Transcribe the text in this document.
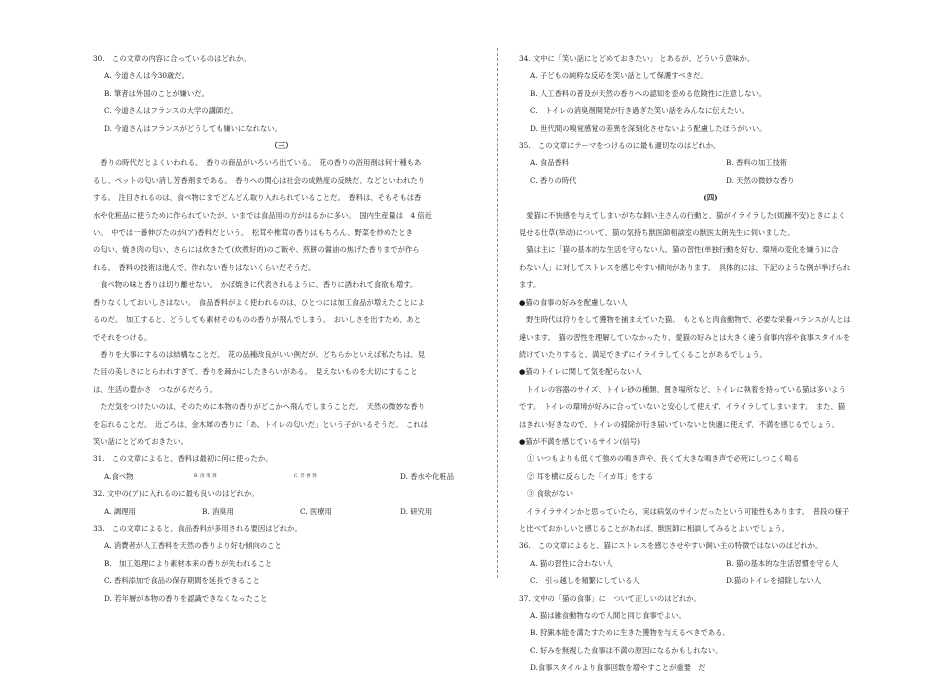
30.　この文章の内容に合っているのはどれか。
A. 今道さんは今30歳だ。
B. 筆者は外国のことが嫌いだ。
C. 今道さんはフランスの大学の講師だ。
D. 今道さんはフランスがどうしても嫌いになれない。
（三）
　香りの時代だとよくいわれる。　香りの商品がいろいろ出ている。　花の香りの浴用剤は何十種もあ
るし、ペットの匂い消し芳香剤まである。　香りへの関心は社会の成熟度の反映だ、などといわれたり
する。　注目されるのは、食べ物にまでどんどん取り入れられていることだ。　香料は、そもそもは香
水や化粧品に使うために作られていたが、いまでは食品用の方がはるかに多い。　国内生産量は　4 倍近
い。　中では一番伸びたのが(ア)香料だという。　松茸や椎茸の香りはもちろん、野菜を炒めたとき
の匂い、焼き肉の匂い、さらには炊きたて(炊煮好的)のご飯や、煎餅の醤油の焦げた香りまでが作ら
れる。　香料の技術は進んで、作れない香りはないくらいだそうだ。
　食べ物の味と香りは切り離せない。　かば焼きに代表されるように、香りに誘われて食欲も増す。
香りなくしておいしさはない。　食品香料がよく使われるのは、ひとつには加工食品が増えたことによ
るのだ。　加工すると、どうしても素材そのものの香りが飛んでしまう。　おいしさを出すため、あと
でそれをつける。
　香りを大事にするのは結構なことだ。　花の品種改良がいい例だが、どちらかといえば私たちは、見
た目の美しさにとらわれすぎて、香りを疎かにしたきらいがある。　見えないものを大切にすること
は、生活の豊かさ　つながるだろう。
　ただ気をつけたいのは、そのために本物の香りがどこかへ飛んでしまうことだ。　天然の微妙な香り
を忘れることだ。　近ごろは、金木犀の香りに「あ、トイレの匂いだ」という子がいるそうだ。　これは
笑い話にとどめておきたい。
31.　この文章によると、香料は最初に何に使ったか。
A.食べ物	B. 浴 用 剂	C. 芳 香 剂	D. 香水や化粧品
32. 文中の(ア)に入れるのに最も良いのはどれか。
A. 調理用	B. 消臭用	C. 医療用	D. 研究用
33.　この文章によると、食品香料が多用される要因はどれか。
A. 消費者が人工香料を天然の香りより好む傾向のこと
B.　加工処理により素材本来の香りが失われること
C. 香料添加で食品の保存期間を延長できること
D. 若年層が本物の香りを認識できなくなったこと
34. 文中に「笑い話にとどめておきたい」 とあるが、どういう意味か。
A. 子どもの純粋な反応を笑い話として保護すべきだ。
B. 人工香料の普及が天然の香りへの認知を歪める危険性に注意しない。
C.　トイレの消臭剤開発が行き過ぎた笑い話をみんなに伝えたい。
D. 世代間の嗅覚感覚の差異を深刻化させないよう配慮したほうがいい。
35.　この文章にテーマをつけるのに最も適切なのはどれか。
A. 食品香料	B. 香料の加工技術
C. 香りの時代	D. 天然の微妙な香り
(四)
　愛猫に不快感を与えてしまいがちな飼い主さんの行動と、猫がイライラした(烦躁不安)ときによく
見せる仕草(举动)について、猫の気持ち獣医師相談室の獣医太朗先生に伺いました。
　猫は主に「猫の基本的な生活を守らない人、猫の習性(单独行動を好む、環境の変化を嫌う)に合
わない人」に対してストレスを感じやすい傾向があります。　具体的には、下記のような例が挙げられ
ます。
●猫の食事の好みを配慮しない人
　野生時代は狩りをして獲物を捕まえていた猫。　もともと肉食動物で、必要な栄養バランスが人とは
違います。　猫の習性を理解していなかったり、愛猫の好みとは大きく違う食事内容や食事スタイルを
続けていたりすると、満足できずにイライラしてくることがあるでしょう。
●猫のトイレに関して気を配らない人
　トイレの容器のサイズ、トイレ砂の種類、置き場所など、トイレに執着を持っている猫は多いよう
です。　トイレの環境が好みに合っていないと安心して使えず、イライラしてしまいます。　また、猫
はきれい好きなので、トイレの掃除が行き届いていないと快適に使えず、不満を感じるでしょう。
●猫が不満を感じているサイン(信号)
① いつもよりも低くて強めの鳴き声や、長くて大きな鳴き声で必死にしつこく鳴る
② 耳を横に反らした「イカ耳」をする
③ 食欲がない
　イライラサインかと思っていたら、実は病気のサインだったという可能性もあります。　普段の様子
と比べておかしいと感じることがあれば、獣医師に相談してみるとよいでしょう。
36.　この文章によると、猫にストレスを感じさせやすい飼い主の特徴ではないのはどれか。
A. 猫の習性に合わない人	B. 猫の基本的な生活習慣を守る人
C.　引っ越しを頻繁にしている人	D.猫のトイレを掃除しない人
37. 文中の「猫の食事」に　ついて正しいのはどれか。
A. 猫は雑食動物なので人間と同じ食事でよい。
B. 狩猟本能を満たすために生きた獲物を与えるべきである。
C. 好みを無視した食事は不満の原因になるかもしれない。
D.食事スタイルより食事回数を増やすことが重要　だ
